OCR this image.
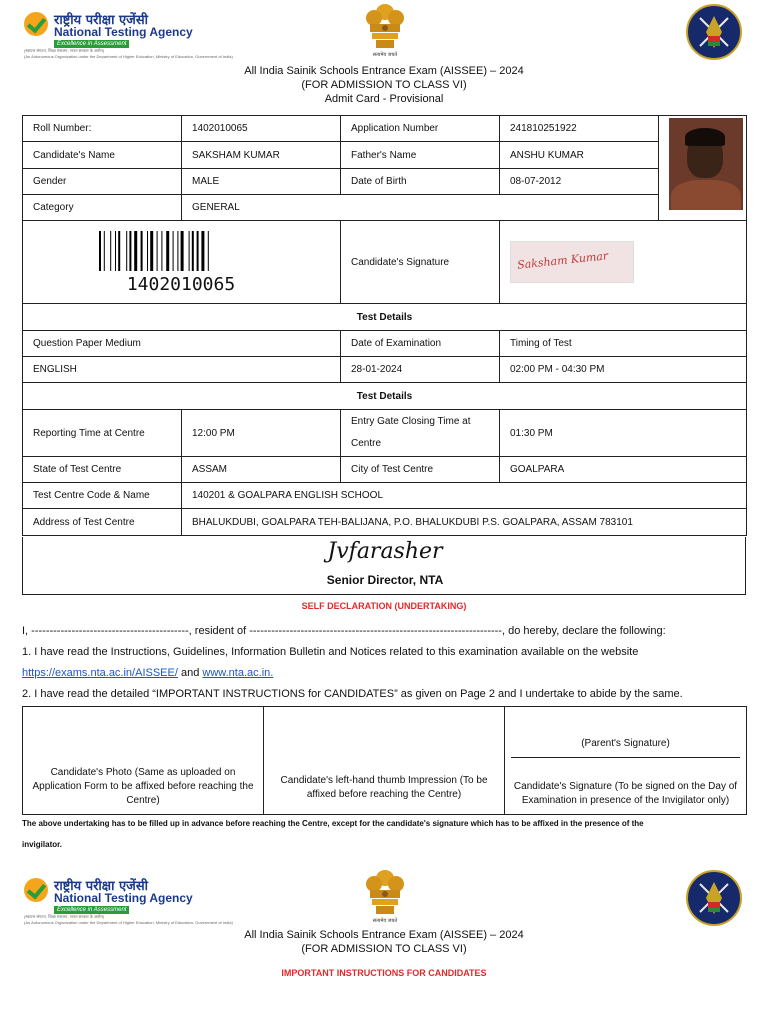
राष्ट्रीय परीक्षा एजेंसी
National Testing Agency
Excellence in Assessment
(स्वायत्त संगठन, शिक्षा मंत्रालय, भारत सरकार के अधीन)
(An Autonomous Organization under the Department of Higher Education, Ministry of Education, Government of India)	सत्यमेव जयते
All India Sainik Schools Entrance Exam (AISSEE) – 2024
(FOR ADMISSION TO CLASS VI)
Admit Card - Provisional
Roll Number:	1402010065	Application Number	241810251922	
Candidate's Name	SAKSHAM KUMAR	Father's Name	ANSHU KUMAR	
Gender	MALE	Date of Birth	08-07-2012	
Category	GENERAL			

1402010065		Candidate's Signature	Saksham Kumar	

Test Details				
Question Paper Medium		Date of Examination	Timing of Test	
ENGLISH		28-01-2024	02:00 PM - 04:30 PM	
Test Details				
Reporting Time at Centre	12:00 PM	Entry Gate Closing Time at Centre	01:30 PM	
State of Test Centre	ASSAM	City of Test Centre	GOALPARA	
Test Centre Code & Name	140201 & GOALPARA ENGLISH SCHOOL			
Address of Test Centre	BHALUKDUBI, GOALPARA TEH-BALIJANA, P.O. BHALUKDUBI P.S. GOALPARA, ASSAM 783101			
Jvfarasher
Senior Director, NTA
SELF DECLARATION (UNDERTAKING)
I, -------------------------------------------, resident of ---------------------------------------------------------------------, do hereby, declare the following:
1. I have read the Instructions, Guidelines, Information Bulletin and Notices related to this examination available on the website
https://exams.nta.ac.in/AISSEE/ and www.nta.ac.in.
2. I have read the detailed “IMPORTANT INSTRUCTIONS for CANDIDATES” as given on Page 2 and I undertake to abide by the same.
Candidate's Photo (Same as uploaded on Application Form to be affixed before reaching the Centre)	Candidate's left-hand thumb Impression (To be affixed before reaching the Centre)	
(Parent's Signature)
Candidate's Signature (To be signed on the Day of Examination in presence of the Invigilator only)
The above undertaking has to be filled up in advance before reaching the Centre, except for the candidate's signature which has to be affixed in the presence of the
invigilator.
राष्ट्रीय परीक्षा एजेंसी
National Testing Agency
Excellence in Assessment
(स्वायत्त संगठन, शिक्षा मंत्रालय, भारत सरकार के अधीन)
(An Autonomous Organization under the Department of Higher Education, Ministry of Education, Government of India)	सत्यमेव जयते
All India Sainik Schools Entrance Exam (AISSEE) – 2024
(FOR ADMISSION TO CLASS VI)
IMPORTANT INSTRUCTIONS FOR CANDIDATES
